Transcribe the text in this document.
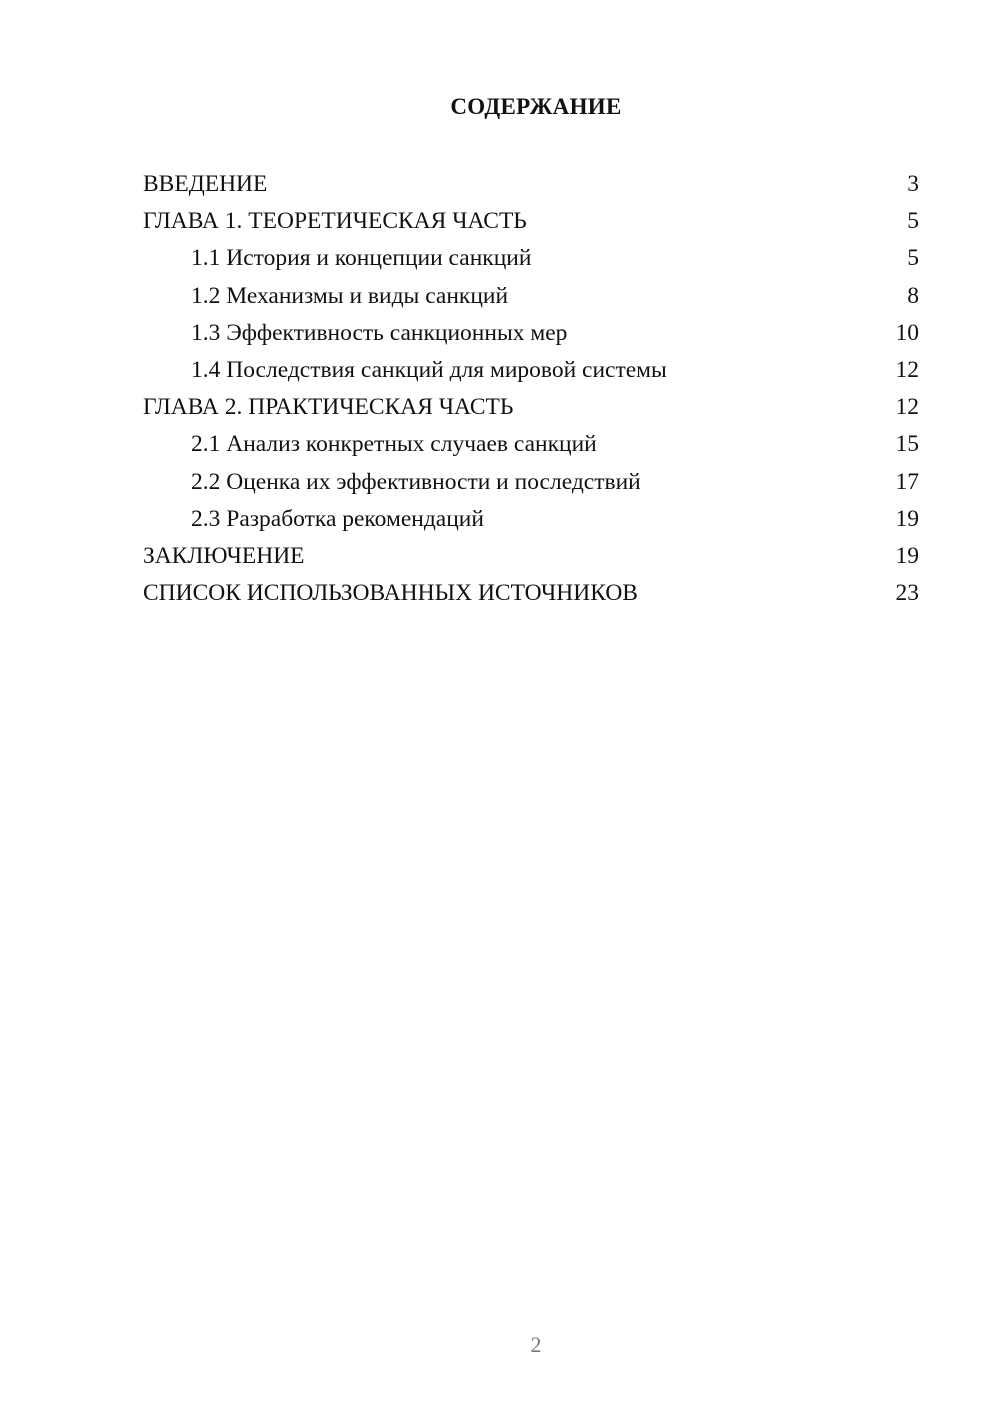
СОДЕРЖАНИЕ
ВВЕДЕНИЕ	3
ГЛАВА 1. ТЕОРЕТИЧЕСКАЯ ЧАСТЬ	5
1.1 История и концепции санкций	5
1.2 Механизмы и виды санкций	8
1.3 Эффективность санкционных мер	10
1.4 Последствия санкций для мировой системы	12
ГЛАВА 2. ПРАКТИЧЕСКАЯ ЧАСТЬ	12
2.1 Анализ конкретных случаев санкций	15
2.2 Оценка их эффективности и последствий	17
2.3 Разработка рекомендаций	19
ЗАКЛЮЧЕНИЕ	19
СПИСОК ИСПОЛЬЗОВАННЫХ ИСТОЧНИКОВ	23
2
